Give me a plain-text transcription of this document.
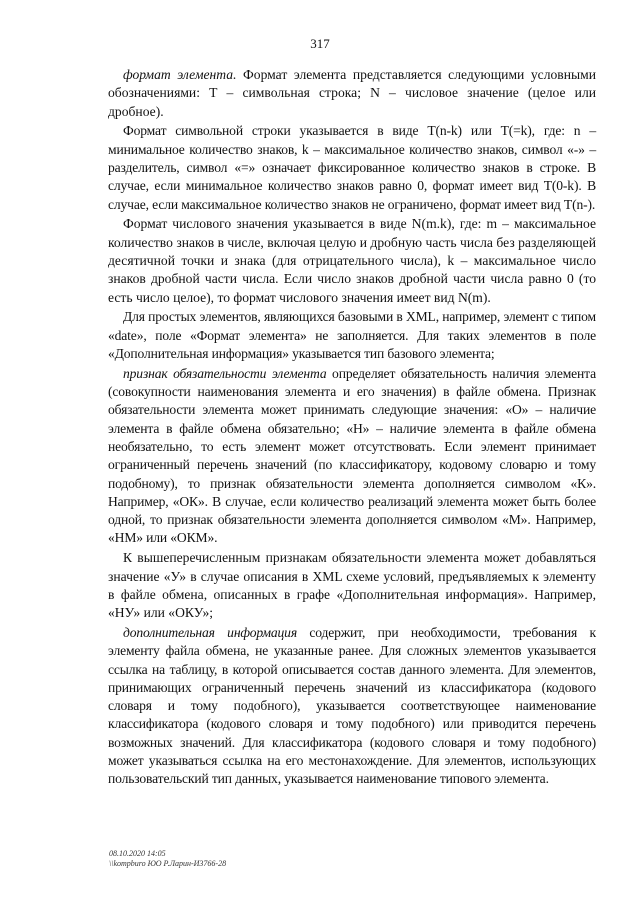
317

формат элемента. Формат элемента представляется следующими условными обозначениями: Т – символьная строка; N – числовое значение (целое или дробное).

Формат символьной строки указывается в виде T(n-k) или T(=k), где: n – минимальное количество знаков, k – максимальное количество знаков, символ «-» – разделитель, символ «=» означает фиксированное количество знаков в строке. В случае, если минимальное количество знаков равно 0, формат имеет вид T(0-k). В случае, если максимальное количество знаков не ограничено, формат имеет вид T(n-).

Формат числового значения указывается в виде N(m.k), где: m – максимальное количество знаков в числе, включая целую и дробную часть числа без разделяющей десятичной точки и знака (для отрицательного числа), k – максимальное число знаков дробной части числа. Если число знаков дробной части числа равно 0 (то есть число целое), то формат числового значения имеет вид N(m).

Для простых элементов, являющихся базовыми в XML, например, элемент с типом «date», поле «Формат элемента» не заполняется. Для таких элементов в поле «Дополнительная информация» указывается тип базового элемента;

признак обязательности элемента определяет обязательность наличия элемента (совокупности наименования элемента и его значения) в файле обмена. Признак обязательности элемента может принимать следующие значения: «О» – наличие элемента в файле обмена обязательно; «Н» – наличие элемента в файле обмена необязательно, то есть элемент может отсутствовать. Если элемент принимает ограниченный перечень значений (по классификатору, кодовому словарю и тому подобному), то признак обязательности элемента дополняется символом «К». Например, «ОК». В случае, если количество реализаций элемента может быть более одной, то признак обязательности элемента дополняется символом «М». Например, «НМ» или «ОКМ».

К вышеперечисленным признакам обязательности элемента может добавляться значение «У» в случае описания в XML схеме условий, предъявляемых к элементу в файле обмена, описанных в графе «Дополнительная информация». Например, «НУ» или «ОКУ»;

дополнительная информация содержит, при необходимости, требования к элементу файла обмена, не указанные ранее. Для сложных элементов указывается ссылка на таблицу, в которой описывается состав данного элемента. Для элементов, принимающих ограниченный перечень значений из классификатора (кодового словаря и тому подобного), указывается соответствующее наименование классификатора (кодового словаря и тому подобного) или приводится перечень возможных значений. Для классификатора (кодового словаря и тому подобного) может указываться ссылка на его местонахождение. Для элементов, использующих пользовательский тип данных, указывается наименование типового элемента.

08.10.2020 14:05
\\kompburo ЮО Р.Ларин-И3766-28
